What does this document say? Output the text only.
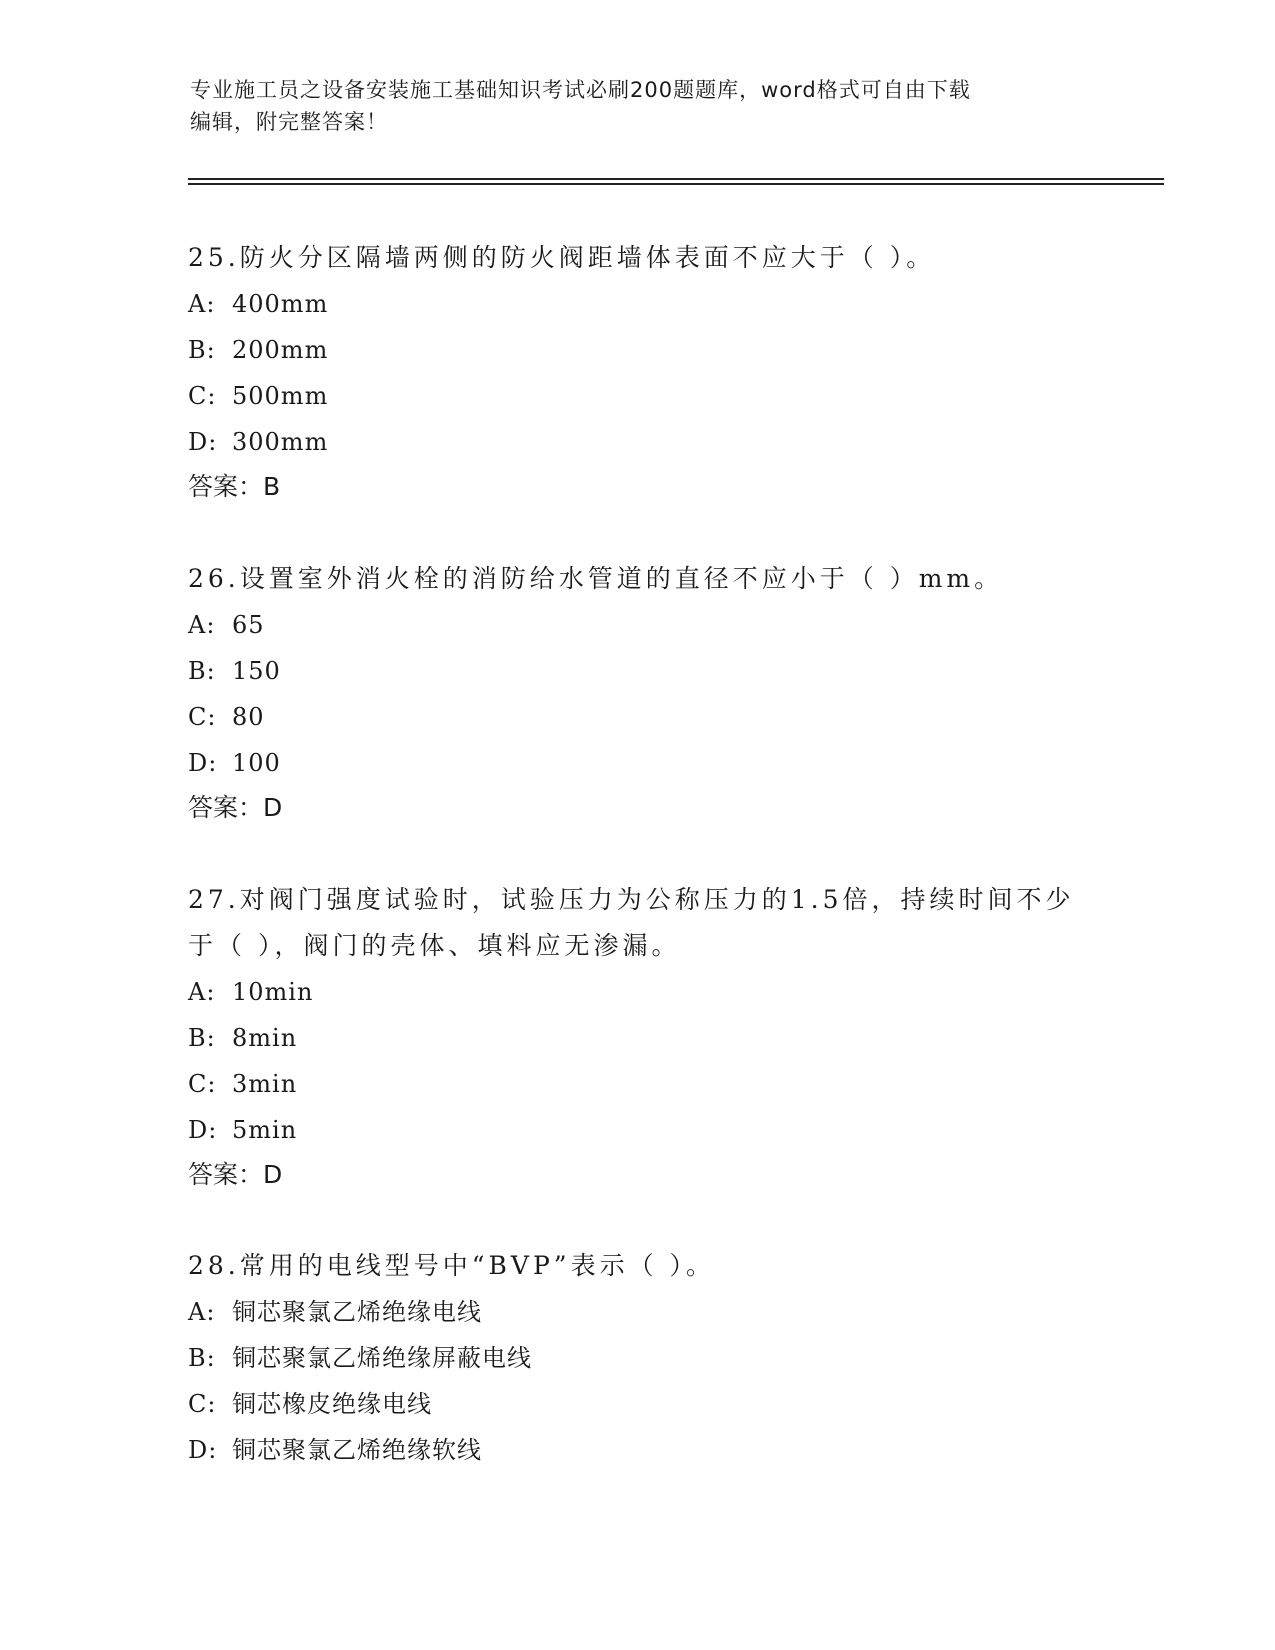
专业施工员之设备安装施工基础知识考试必刷200题题库，word格式可自由下载
编辑，附完整答案！
25.防火分区隔墙两侧的防火阀距墙体表面不应大于（ ）。
A: 400mm
B: 200mm
C: 500mm
D: 300mm
答案：B
26.设置室外消火栓的消防给水管道的直径不应小于（ ）mm。
A: 65
B: 150
C: 80
D: 100
答案：D
27.对阀门强度试验时，试验压力为公称压力的1.5倍，持续时间不少
于（ ），阀门的壳体、填料应无渗漏。
A: 10min
B: 8min
C: 3min
D: 5min
答案：D
28.常用的电线型号中“BVP”表示（ ）。
A: 铜芯聚氯乙烯绝缘电线
B: 铜芯聚氯乙烯绝缘屏蔽电线
C: 铜芯橡皮绝缘电线
D: 铜芯聚氯乙烯绝缘软线
